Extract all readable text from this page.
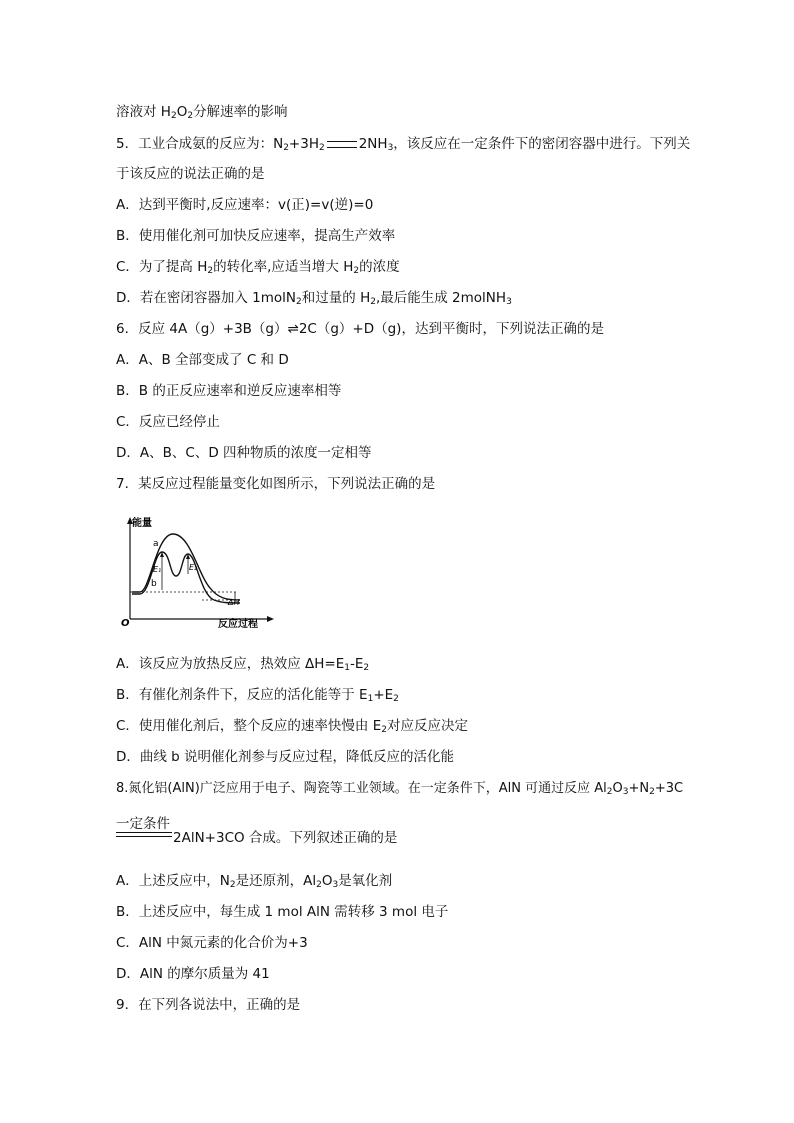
溶液对 $H_2O_2$分解速率的影响
5．工业合成氨的反应为：$N_2+3H_2$	$2NH_3$，该反应在一定条件下的密闭容器中进行。下列关
于该反应的说法正确的是
A．达到平衡时,反应速率：v(正)=v(逆)=0
B．使用催化剂可加快反应速率，提高生产效率
C．为了提高 $H_2$的转化率,应适当增大 $H_2$的浓度
D．若在密闭容器加入 1molN$_2$和过量的 $H_2$,最后能生成 2molNH$_3$
6．反应 4A（g）+3B（g）⇌2C（g）+D（g)，达到平衡时，下列说法正确的是
A．A、B 全部变成了 C 和 D
B．B 的正反应速率和逆反应速率相等
C．反应已经停止
D．A、B、C、D 四种物质的浓度一定相等
7．某反应过程能量变化如图所示，下列说法正确的是
能量
反应过程
O
a
b
E₁	E₂
ΔH
A．该反应为放热反应，热效应 $\Delta H=E_1-E_2$
B．有催化剂条件下，反应的活化能等于 $E_1+E_2$
C．使用催化剂后，整个反应的速率快慢由 $E_2$对应反应决定
D．曲线 b 说明催化剂参与反应过程，降低反应的活化能
8.氮化铝(AlN)广泛应用于电子、陶瓷等工业领域。在一定条件下，AlN 可通过反应 $Al_2O_3+N_2+3C$
一定条件
2AlN+3CO 合成。下列叙述正确的是
A．上述反应中，$N_2$是还原剂，$Al_2O_3$是氧化剂
B．上述反应中，每生成 1 mol AlN 需转移 3 mol 电子
C．AlN 中氮元素的化合价为+3
D．AlN 的摩尔质量为 41
9．在下列各说法中，正确的是
